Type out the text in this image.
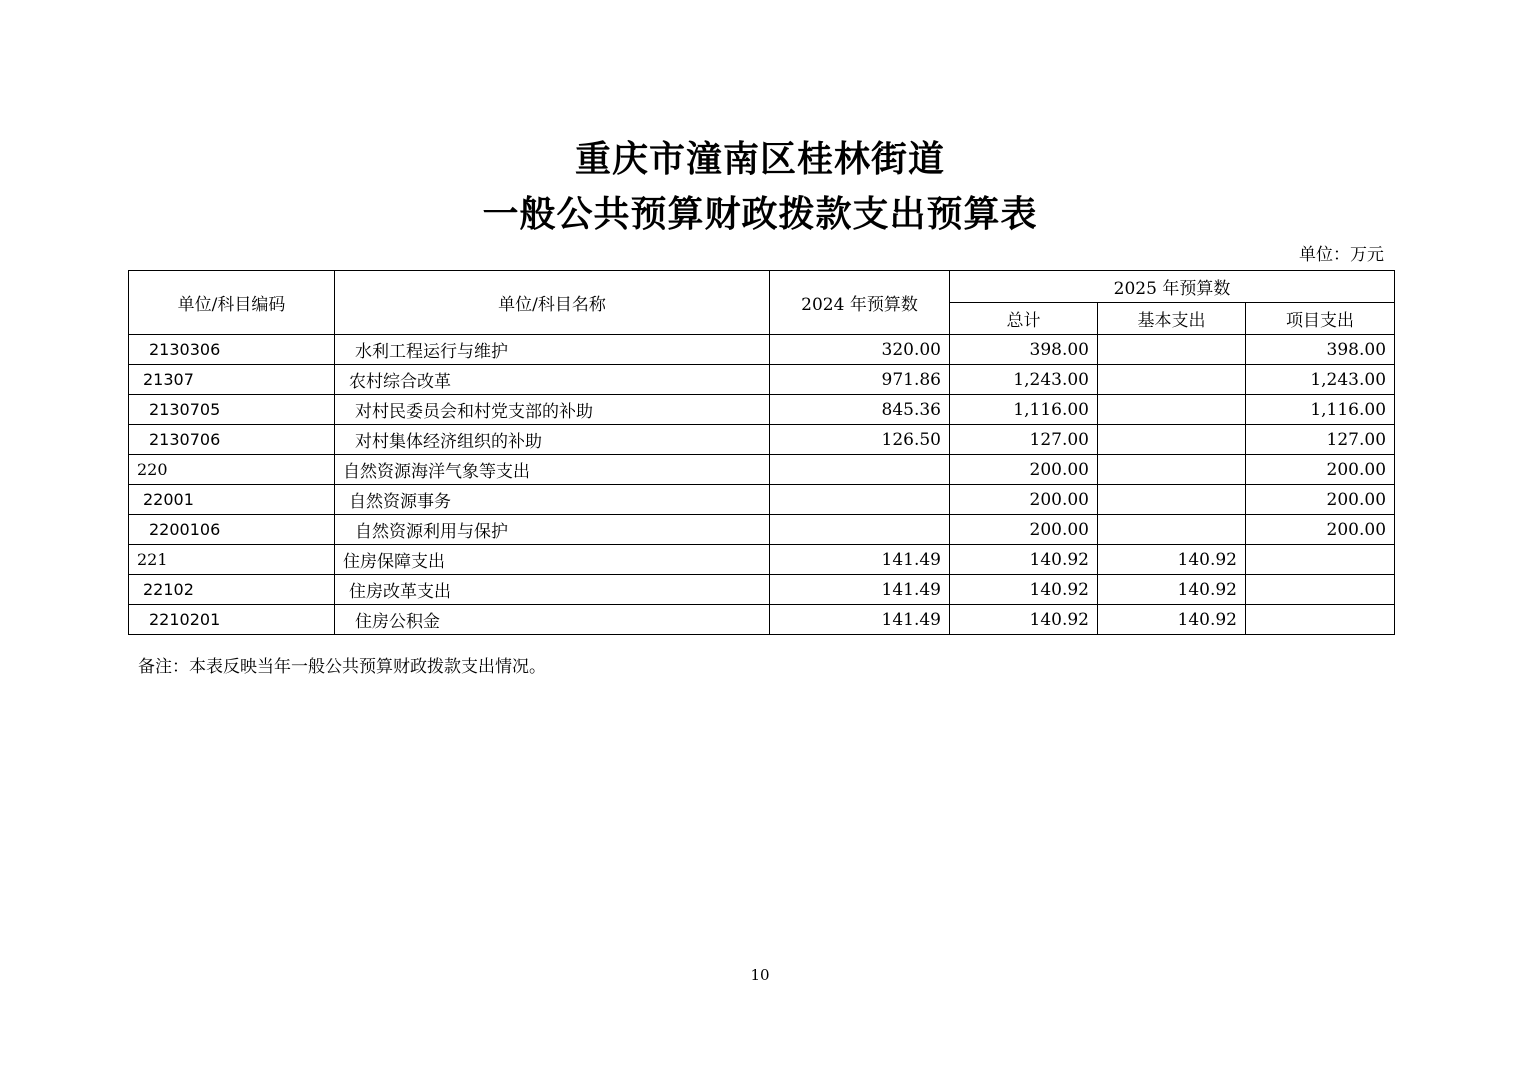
重庆市潼南区桂林街道
一般公共预算财政拨款支出预算表
单位：万元
单位/科目编码	单位/科目名称	2024 年预算数	2025 年预算数		
			总计	基本支出	项目支出
2130306	水利工程运行与维护	320.00	398.00		398.00
21307	农村综合改革	971.86	1,243.00		1,243.00
2130705	对村民委员会和村党支部的补助	845.36	1,116.00		1,116.00
2130706	对村集体经济组织的补助	126.50	127.00		127.00
220	自然资源海洋气象等支出		200.00		200.00
22001	自然资源事务		200.00		200.00
2200106	自然资源利用与保护		200.00		200.00
221	住房保障支出	141.49	140.92	140.92	
22102	住房改革支出	141.49	140.92	140.92	
2210201	住房公积金	141.49	140.92	140.92	
备注：本表反映当年一般公共预算财政拨款支出情况。
10
